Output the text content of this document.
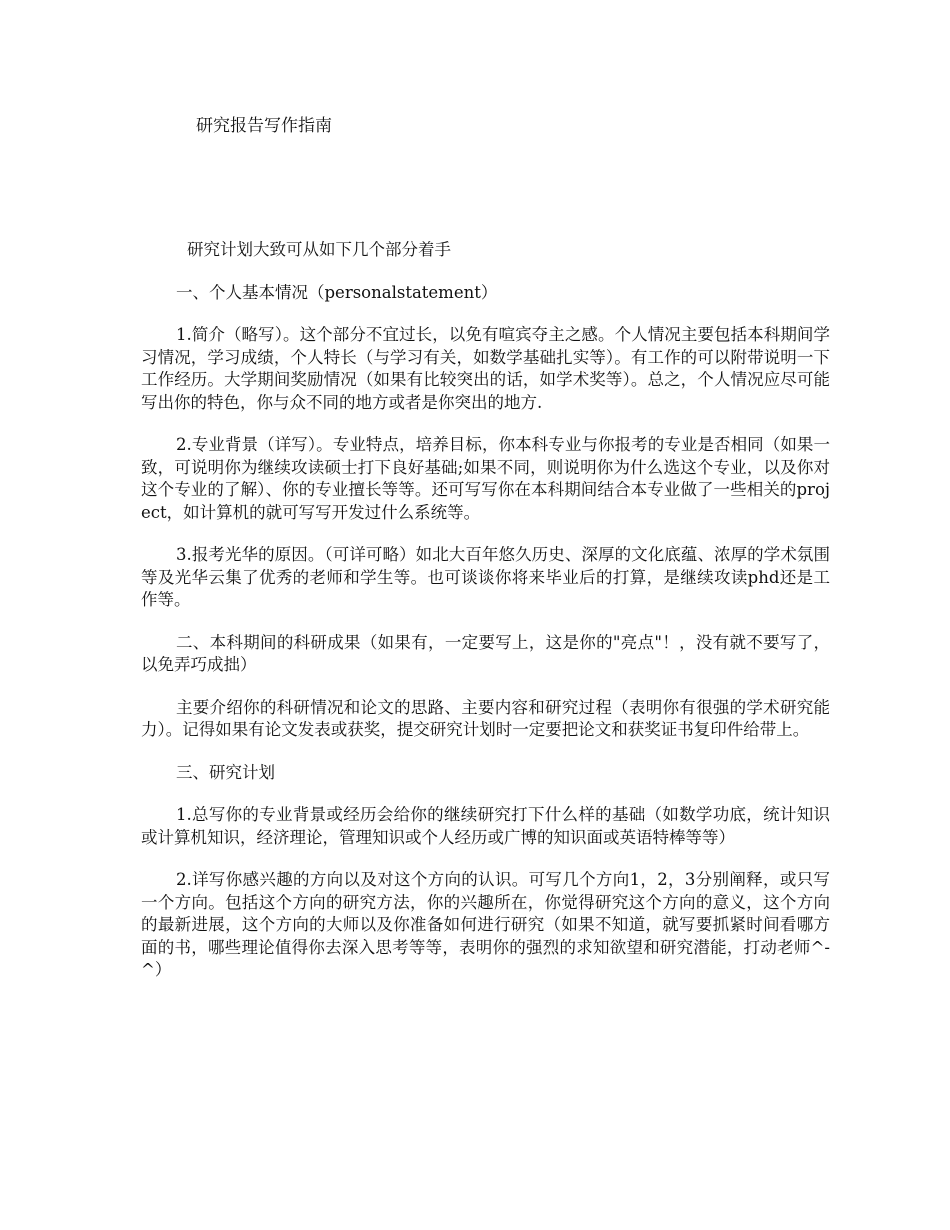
研究报告写作指南

研究计划大致可从如下几个部分着手

一、个人基本情况（personalstatement）

1.简介（略写）。这个部分不宜过长，以免有喧宾夺主之感。个人情况主要包括本科期间学习情况，学习成绩，个人特长（与学习有关，如数学基础扎实等）。有工作的可以附带说明一下工作经历。大学期间奖励情况（如果有比较突出的话，如学术奖等）。总之，个人情况应尽可能写出你的特色，你与众不同的地方或者是你突出的地方.

2.专业背景（详写）。专业特点，培养目标，你本科专业与你报考的专业是否相同（如果一致，可说明你为继续攻读硕士打下良好基础;如果不同，则说明你为什么选这个专业，以及你对这个专业的了解）、你的专业擅长等等。还可写写你在本科期间结合本专业做了一些相关的project，如计算机的就可写写开发过什么系统等。

3.报考光华的原因。（可详可略）如北大百年悠久历史、深厚的文化底蕴、浓厚的学术氛围等及光华云集了优秀的老师和学生等。也可谈谈你将来毕业后的打算，是继续攻读phd还是工作等。

二、本科期间的科研成果（如果有，一定要写上，这是你的"亮点"！，没有就不要写了，以免弄巧成拙）

主要介绍你的科研情况和论文的思路、主要内容和研究过程（表明你有很强的学术研究能力）。记得如果有论文发表或获奖，提交研究计划时一定要把论文和获奖证书复印件给带上。

三、研究计划

1.总写你的专业背景或经历会给你的继续研究打下什么样的基础（如数学功底，统计知识或计算机知识，经济理论，管理知识或个人经历或广博的知识面或英语特棒等等）

2.详写你感兴趣的方向以及对这个方向的认识。可写几个方向1，2，3分别阐释，或只写一个方向。包括这个方向的研究方法，你的兴趣所在，你觉得研究这个方向的意义，这个方向的最新进展，这个方向的大师以及你准备如何进行研究（如果不知道，就写要抓紧时间看哪方面的书，哪些理论值得你去深入思考等等，表明你的强烈的求知欲望和研究潜能，打动老师^-^）
